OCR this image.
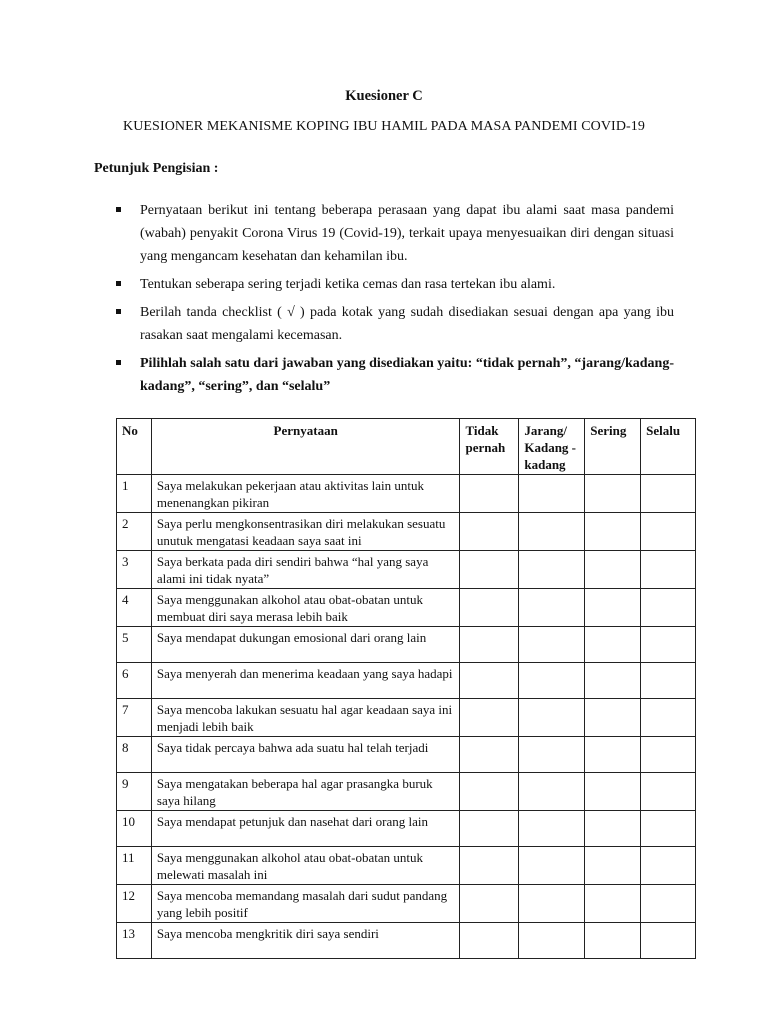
Kuesioner C
KUESIONER MEKANISME KOPING IBU HAMIL PADA MASA PANDEMI COVID-19
Petunjuk Pengisian :
Pernyataan berikut ini tentang beberapa perasaan yang dapat ibu alami saat masa pandemi (wabah) penyakit Corona Virus 19 (Covid-19), terkait upaya menyesuaikan diri dengan situasi yang mengancam kesehatan dan kehamilan ibu.
Tentukan seberapa sering terjadi ketika cemas dan rasa tertekan ibu alami.
Berilah tanda checklist ( √ ) pada kotak yang sudah disediakan sesuai dengan apa yang ibu rasakan saat mengalami kecemasan.
Pilihlah salah satu dari jawaban yang disediakan yaitu: “tidak pernah”, “jarang/kadang-kadang”, “sering”, dan “selalu”
No	Pernyataan	Tidak pernah	Jarang/ Kadang -kadang	Sering	Selalu
1	Saya melakukan pekerjaan atau aktivitas lain untuk menenangkan pikiran				
2	Saya perlu mengkonsentrasikan diri melakukan sesuatu unutuk mengatasi keadaan saya saat ini				
3	Saya berkata pada diri sendiri bahwa “hal yang saya alami ini tidak nyata”				
4	Saya menggunakan alkohol atau obat-obatan untuk membuat diri saya merasa lebih baik				
5	Saya mendapat dukungan emosional dari orang lain				
6	Saya menyerah dan menerima keadaan yang saya hadapi				
7	Saya mencoba lakukan sesuatu hal agar keadaan saya ini menjadi lebih baik				
8	Saya tidak percaya bahwa ada suatu hal telah terjadi				
9	Saya mengatakan beberapa hal agar prasangka buruk saya hilang				
10	Saya mendapat petunjuk dan nasehat dari orang lain				
11	Saya menggunakan alkohol atau obat-obatan untuk melewati masalah ini				
12	Saya mencoba memandang masalah dari sudut pandang yang lebih positif				
13	Saya mencoba mengkritik diri saya sendiri				
